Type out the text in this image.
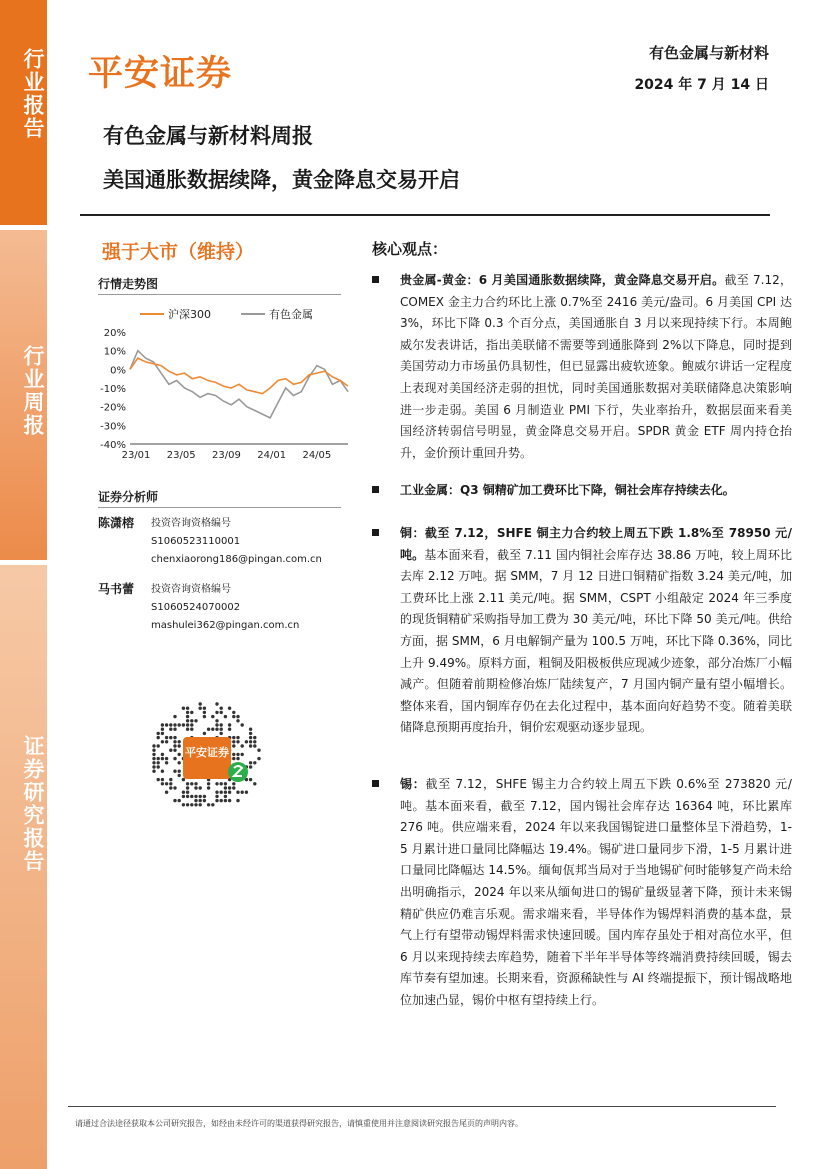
行业报告
行业周报
证券研究报告
平安证券
有色金属与新材料
2024 年 7 月 14 日
有色金属与新材料周报
美国通胀数据续降，黄金降息交易开启
强于大市（维持）
行情走势图
沪深300	有色金属
20%
10%
0%
-10%
-20%
-30%
-40%
23/01 23/05 23/09 24/01 24/05
证券分析师
陈潇榕	投资咨询资格编号
S1060523110001
chenxiaorong186@pingan.com.cn
马书蕾	投资咨询资格编号
S1060524070002
mashulei362@pingan.com.cn
平安证券
核心观点：
贵金属-黄金：6 月美国通胀数据续降，黄金降息交易开启。截至 7.12，COMEX 金主力合约环比上涨 0.7%至 2416 美元/盎司。6 月美国 CPI 达 3%，环比下降 0.3 个百分点，美国通胀自 3 月以来现持续下行。本周鲍威尔发表讲话，指出美联储不需要等到通胀降到 2%以下降息，同时提到美国劳动力市场虽仍具韧性，但已显露出疲软迹象。鲍威尔讲话一定程度上表现对美国经济走弱的担忧，同时美国通胀数据对美联储降息决策影响进一步走弱。美国 6 月制造业 PMI 下行，失业率抬升，数据层面来看美国经济转弱信号明显，黄金降息交易开启。SPDR 黄金 ETF 周内持仓抬升，金价预计重回升势。
工业金属：Q3 铜精矿加工费环比下降，铜社会库存持续去化。
铜：截至 7.12，SHFE 铜主力合约较上周五下跌 1.8%至 78950 元/吨。基本面来看，截至 7.11 国内铜社会库存达 38.86 万吨，较上周环比去库 2.12 万吨。据 SMM，7 月 12 日进口铜精矿指数 3.24 美元/吨，加工费环比上涨 2.11 美元/吨。据 SMM，CSPT 小组敲定 2024 年三季度的现货铜精矿采购指导加工费为 30 美元/吨，环比下降 50 美元/吨。供给方面，据 SMM，6 月电解铜产量为 100.5 万吨，环比下降 0.36%，同比上升 9.49%。原料方面，粗铜及阳极板供应现减少迹象，部分冶炼厂小幅减产。但随着前期检修冶炼厂陆续复产，7 月国内铜产量有望小幅增长。整体来看，国内铜库存仍在去化过程中，基本面向好趋势不变。随着美联储降息预期再度抬升，铜价宏观驱动逐步显现。
锡：截至 7.12，SHFE 锡主力合约较上周五下跌 0.6%至 273820 元/吨。基本面来看，截至 7.12，国内锡社会库存达 16364 吨，环比累库 276 吨。供应端来看，2024 年以来我国锡锭进口量整体呈下滑趋势，1-5 月累计进口量同比降幅达 19.4%。锡矿进口量同步下滑，1-5 月累计进口量同比降幅达 14.5%。缅甸佤邦当局对于当地锡矿何时能够复产尚未给出明确指示，2024 年以来从缅甸进口的锡矿量级显著下降，预计未来锡精矿供应仍难言乐观。需求端来看，半导体作为锡焊料消费的基本盘，景气上行有望带动锡焊料需求快速回暖。国内库存虽处于相对高位水平，但 6 月以来现持续去库趋势，随着下半年半导体等终端消费持续回暖，锡去库节奏有望加速。长期来看，资源稀缺性与 AI 终端提振下，预计锡战略地位加速凸显，锡价中枢有望持续上行。
请通过合法途径获取本公司研究报告，如经由未经许可的渠道获得研究报告，请慎重使用并注意阅读研究报告尾页的声明内容。
